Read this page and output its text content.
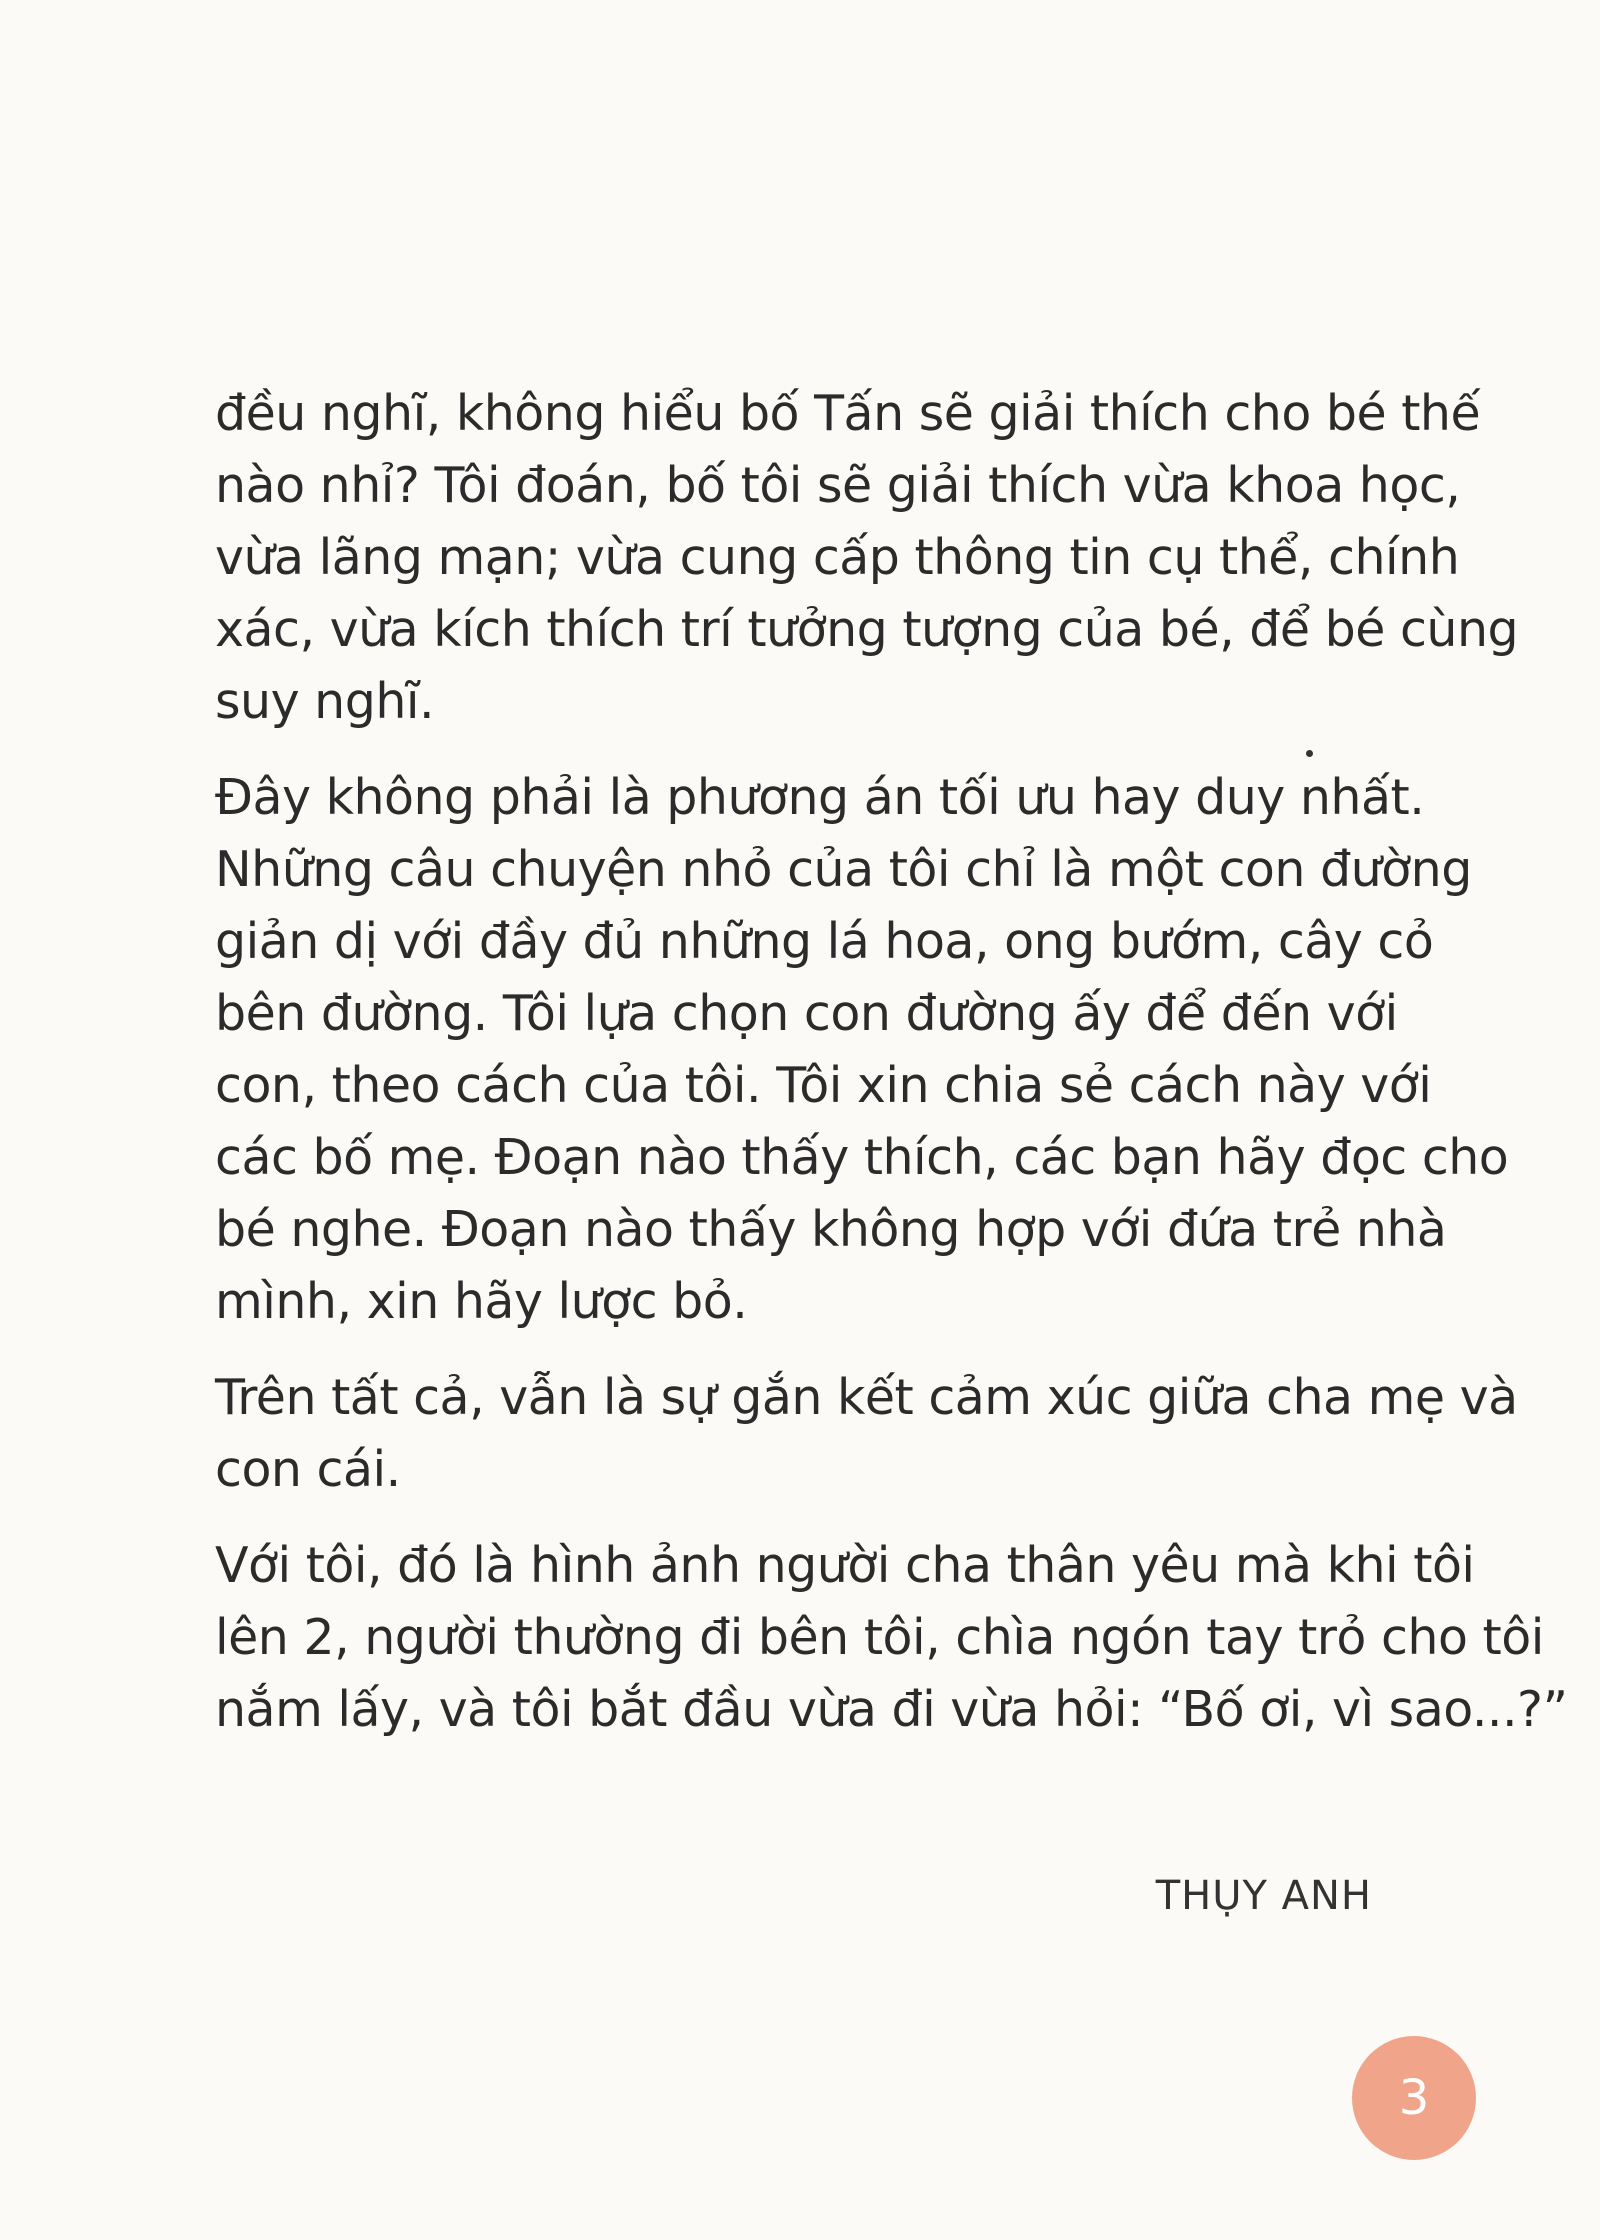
đều nghĩ, không hiểu bố Tấn sẽ giải thích cho bé thế
nào nhỉ? Tôi đoán, bố tôi sẽ giải thích vừa khoa học,
vừa lãng mạn; vừa cung cấp thông tin cụ thể, chính
xác, vừa kích thích trí tưởng tượng của bé, để bé cùng
suy nghĩ.

Đây không phải là phương án tối ưu hay duy nhất.
Những câu chuyện nhỏ của tôi chỉ là một con đường
giản dị với đầy đủ những lá hoa, ong bướm, cây cỏ
bên đường. Tôi lựa chọn con đường ấy để đến với
con, theo cách của tôi. Tôi xin chia sẻ cách này với
các bố mẹ. Đoạn nào thấy thích, các bạn hãy đọc cho
bé nghe. Đoạn nào thấy không hợp với đứa trẻ nhà
mình, xin hãy lược bỏ.

Trên tất cả, vẫn là sự gắn kết cảm xúc giữa cha mẹ và
con cái.

Với tôi, đó là hình ảnh người cha thân yêu mà khi tôi
lên 2, người thường đi bên tôi, chìa ngón tay trỏ cho tôi
nắm lấy, và tôi bắt đầu vừa đi vừa hỏi: “Bố ơi, vì sao...?”

THỤY ANH
3
